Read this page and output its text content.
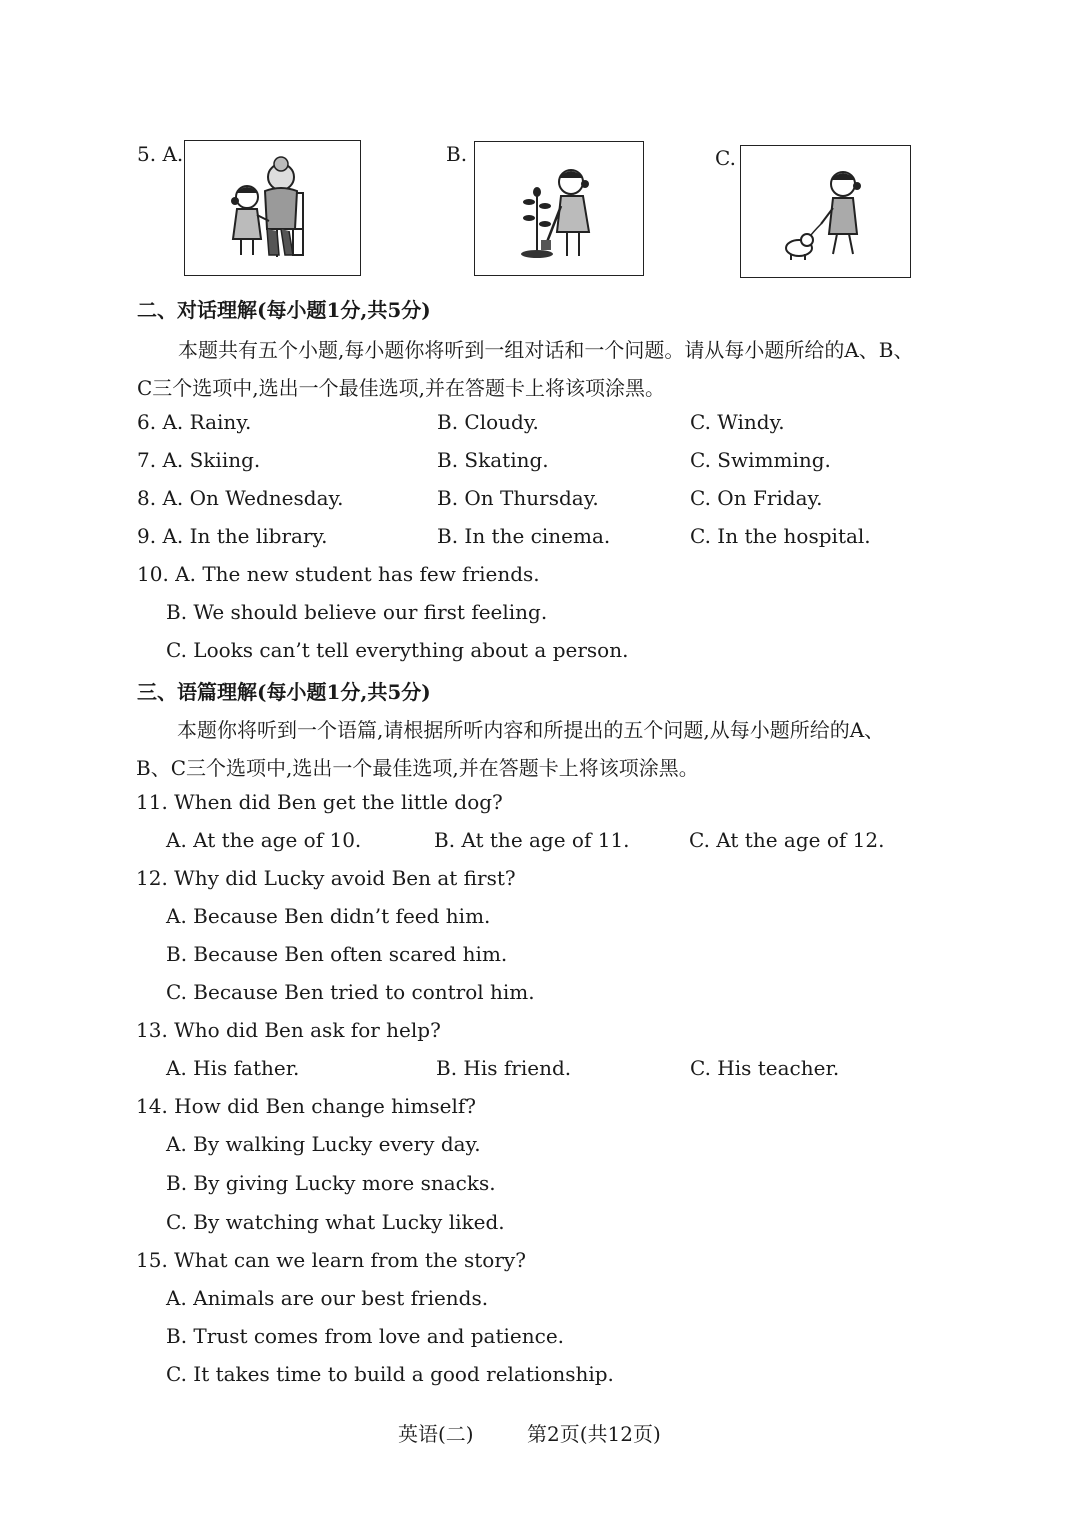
5. A.	B.	C.
二、对话理解(每小题1分,共5分)
本题共有五个小题,每小题你将听到一组对话和一个问题。请从每小题所给的A、B、
C三个选项中,选出一个最佳选项,并在答题卡上将该项涂黑。
6. A. Rainy.	B. Cloudy.	C. Windy.
7. A. Skiing.	B. Skating.	C. Swimming.
8. A. On Wednesday.	B. On Thursday.	C. On Friday.
9. A. In the library.	B. In the cinema.	C. In the hospital.
10. A. The new student has few friends.
B. We should believe our first feeling.
C. Looks can’t tell everything about a person.
三、语篇理解(每小题1分,共5分)
本题你将听到一个语篇,请根据所听内容和所提出的五个问题,从每小题所给的A、
B、C三个选项中,选出一个最佳选项,并在答题卡上将该项涂黑。
11. When did Ben get the little dog?
A. At the age of 10.	B. At the age of 11.	C. At the age of 12.
12. Why did Lucky avoid Ben at first?
A. Because Ben didn’t feed him.
B. Because Ben often scared him.
C. Because Ben tried to control him.
13. Who did Ben ask for help?
A. His father.	B. His friend.	C. His teacher.
14. How did Ben change himself?
A. By walking Lucky every day.
B. By giving Lucky more snacks.
C. By watching what Lucky liked.
15. What can we learn from the story?
A. Animals are our best friends.
B. Trust comes from love and patience.
C. It takes time to build a good relationship.
英语(二)	第2页(共12页)
